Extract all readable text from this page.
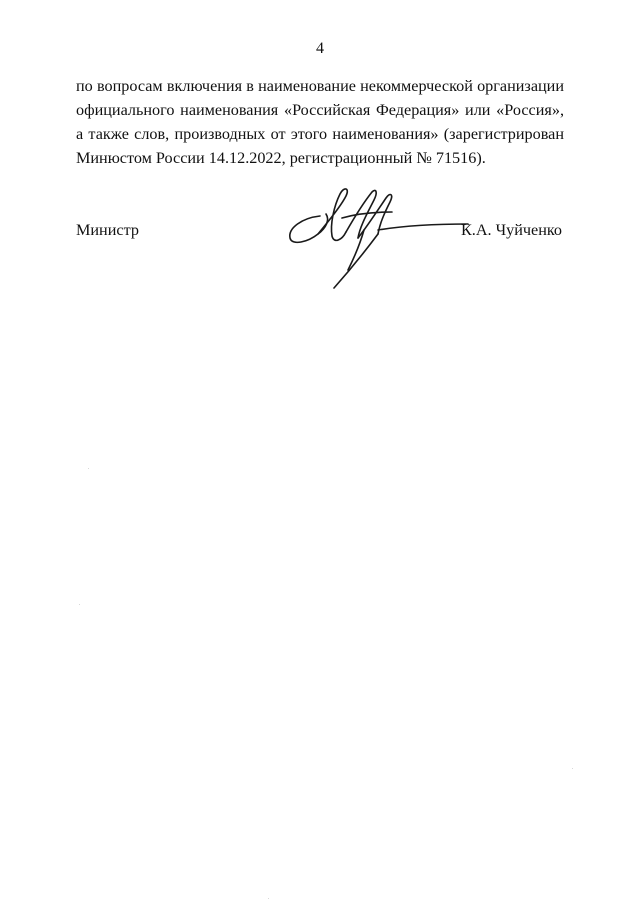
4

по вопросам включения в наименование некоммерческой организации
официального наименования «Российская Федерация» или «Россия»,
а также слов, производных от этого наименования» (зарегистрирован
Минюстом России 14.12.2022, регистрационный № 71516).

Министр	К.А. Чуйченко
